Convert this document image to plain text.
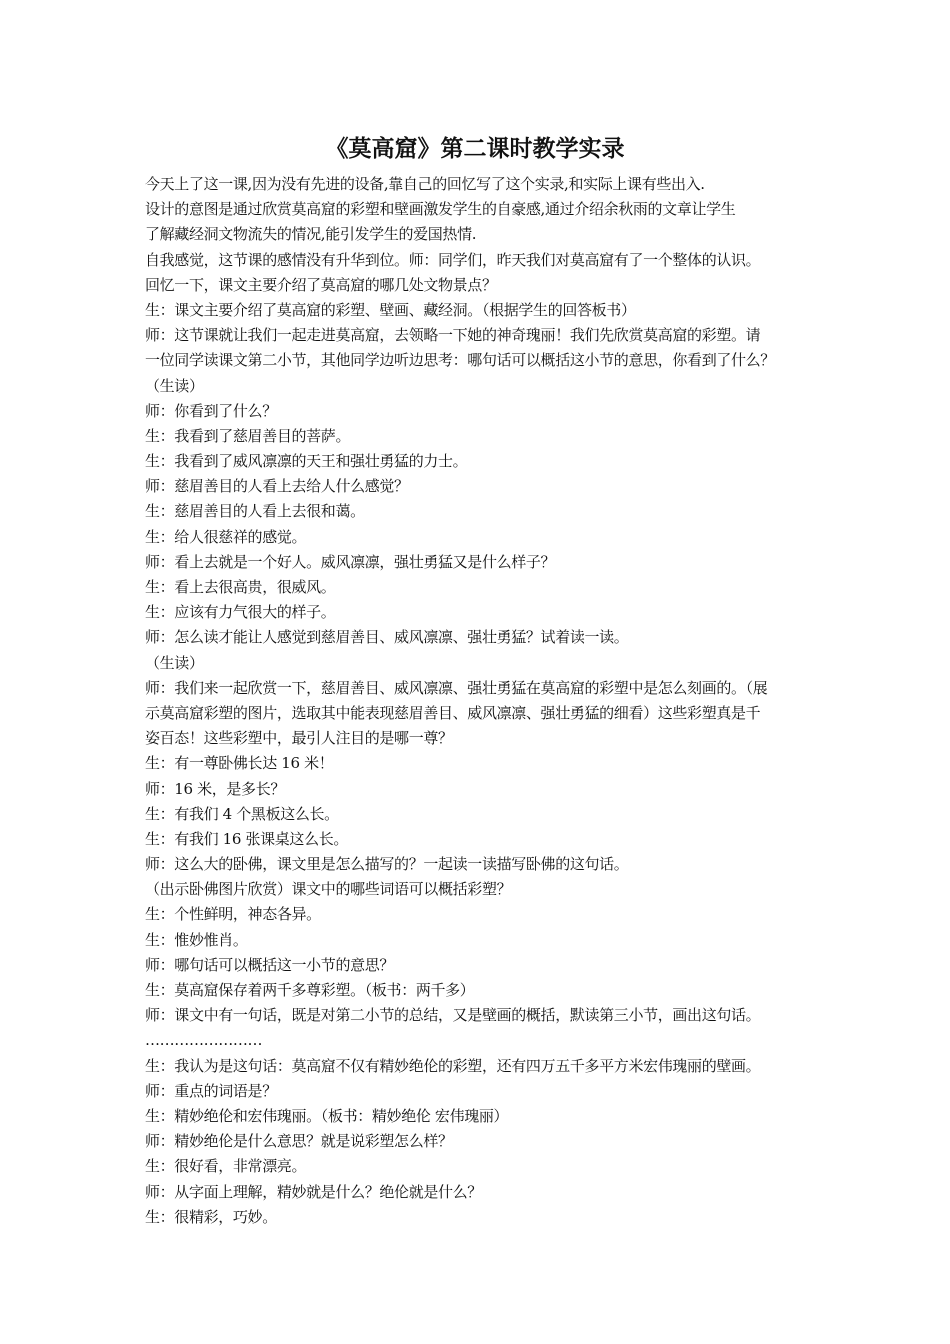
《莫高窟》第二课时教学实录
今天上了这一课,因为没有先进的设备,靠自己的回忆写了这个实录,和实际上课有些出入.
设计的意图是通过欣赏莫高窟的彩塑和壁画激发学生的自豪感,通过介绍余秋雨的文章让学生
了解藏经洞文物流失的情况,能引发学生的爱国热情.
自我感觉，这节课的感情没有升华到位。师：同学们，昨天我们对莫高窟有了一个整体的认识。
回忆一下，课文主要介绍了莫高窟的哪几处文物景点？
生：课文主要介绍了莫高窟的彩塑、壁画、藏经洞。（根据学生的回答板书）
师：这节课就让我们一起走进莫高窟，去领略一下她的神奇瑰丽！我们先欣赏莫高窟的彩塑。请
一位同学读课文第二小节，其他同学边听边思考：哪句话可以概括这小节的意思，你看到了什么？
（生读）
师：你看到了什么？
生：我看到了慈眉善目的菩萨。
生：我看到了威风凛凛的天王和强壮勇猛的力士。
师：慈眉善目的人看上去给人什么感觉？
生：慈眉善目的人看上去很和蔼。
生：给人很慈祥的感觉。
师：看上去就是一个好人。威风凛凛，强壮勇猛又是什么样子？
生：看上去很高贵，很威风。
生：应该有力气很大的样子。
师：怎么读才能让人感觉到慈眉善目、威风凛凛、强壮勇猛？试着读一读。
（生读）
师：我们来一起欣赏一下，慈眉善目、威风凛凛、强壮勇猛在莫高窟的彩塑中是怎么刻画的。（展
示莫高窟彩塑的图片，选取其中能表现慈眉善目、威风凛凛、强壮勇猛的细看）这些彩塑真是千
姿百态！这些彩塑中，最引人注目的是哪一尊？
生：有一尊卧佛长达 16 米！
师：16 米，是多长？
生：有我们 4 个黑板这么长。
生：有我们 16 张课桌这么长。
师：这么大的卧佛，课文里是怎么描写的？一起读一读描写卧佛的这句话。
（出示卧佛图片欣赏）课文中的哪些词语可以概括彩塑？
生：个性鲜明，神态各异。
生：惟妙惟肖。
师：哪句话可以概括这一小节的意思？
生：莫高窟保存着两千多尊彩塑。（板书：两千多）
师：课文中有一句话，既是对第二小节的总结，又是壁画的概括，默读第三小节，画出这句话。
……………………
生：我认为是这句话：莫高窟不仅有精妙绝伦的彩塑，还有四万五千多平方米宏伟瑰丽的壁画。
师：重点的词语是？
生：精妙绝伦和宏伟瑰丽。（板书：精妙绝伦 宏伟瑰丽）
师：精妙绝伦是什么意思？就是说彩塑怎么样？
生：很好看，非常漂亮。
师：从字面上理解，精妙就是什么？绝伦就是什么？
生：很精彩，巧妙。
